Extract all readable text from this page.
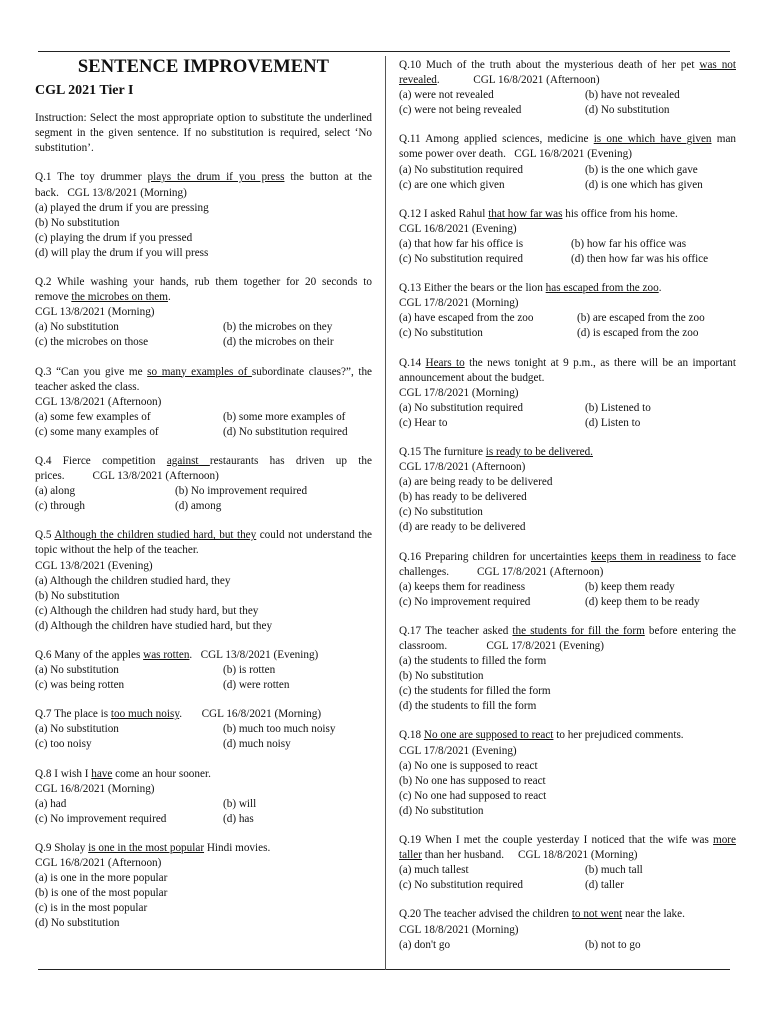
SENTENCE IMPROVEMENT
CGL 2021 Tier I
Instruction: Select the most appropriate option to substitute the underlined segment in the given sentence. If no substitution is required, select ‘No substitution’.
Q.1 The toy drummer plays the drum if you press the button at the back. CGL 13/8/2021 (Morning)
(a) played the drum if you are pressing
(b) No substitution
(c) playing the drum if you pressed
(d) will play the drum if you will press
Q.2 While washing your hands, rub them together for 20 seconds to remove the microbes on them.
CGL 13/8/2021 (Morning)
(a) No substitution	(b) the microbes on they
(c) the microbes on those	(d) the microbes on their
Q.3 “Can you give me so many examples of subordinate clauses?”, the teacher asked the class.
CGL 13/8/2021 (Afternoon)
(a) some few examples of	(b) some more examples of
(c) some many examples of	(d) No substitution required
Q.4 Fierce competition against restaurants has driven up the prices. CGL 13/8/2021 (Afternoon)
(a) along	(b) No improvement required
(c) through	(d) among
Q.5 Although the children studied hard, but they could not understand the topic without the help of the teacher.
CGL 13/8/2021 (Evening)
(a) Although the children studied hard, they
(b) No substitution
(c) Although the children had study hard, but they
(d) Although the children have studied hard, but they
Q.6 Many of the apples was rotten. CGL 13/8/2021 (Evening)
(a) No substitution	(b) is rotten
(c) was being rotten	(d) were rotten
Q.7 The place is too much noisy. CGL 16/8/2021 (Morning)
(a) No substitution	(b) much too much noisy
(c) too noisy	(d) much noisy
Q.8 I wish I have come an hour sooner.
CGL 16/8/2021 (Morning)
(a) had	(b) will
(c) No improvement required	(d) has
Q.9 Sholay is one in the most popular Hindi movies.
CGL 16/8/2021 (Afternoon)
(a) is one in the more popular
(b) is one of the most popular
(c) is in the most popular
(d) No substitution
Q.10 Much of the truth about the mysterious death of her pet was not revealed.	CGL 16/8/2021 (Afternoon)
(a) were not revealed	(b) have not revealed
(c) were not being revealed	(d) No substitution
Q.11 Among applied sciences, medicine is one which have given man some power over death. CGL 16/8/2021 (Evening)
(a) No substitution required	(b) is the one which gave
(c) are one which given	(d) is one which has given
Q.12 I asked Rahul that how far was his office from his home.
CGL 16/8/2021 (Evening)
(a) that how far his office is	(b) how far his office was
(c) No substitution required	(d) then how far was his office
Q.13 Either the bears or the lion has escaped from the zoo.
CGL 17/8/2021 (Morning)
(a) have escaped from the zoo	(b) are escaped from the zoo
(c) No substitution	(d) is escaped from the zoo
Q.14 Hears to the news tonight at 9 p.m., as there will be an important announcement about the budget.
CGL 17/8/2021 (Morning)
(a) No substitution required	(b) Listened to
(c) Hear to	(d) Listen to
Q.15 The furniture is ready to be delivered.
CGL 17/8/2021 (Afternoon)
(a) are being ready to be delivered
(b) has ready to be delivered
(c) No substitution
(d) are ready to be delivered
Q.16 Preparing children for uncertainties keeps them in readiness to face challenges. CGL 17/8/2021 (Afternoon)
(a) keeps them for readiness	(b) keep them ready
(c) No improvement required	(d) keep them to be ready
Q.17 The teacher asked the students for fill the form before entering the classroom.	CGL 17/8/2021 (Evening)
(a) the students to filled the form
(b) No substitution
(c) the students for filled the form
(d) the students to fill the form
Q.18 No one are supposed to react to her prejudiced comments.
CGL 17/8/2021 (Evening)
(a) No one is supposed to react
(b) No one has supposed to react
(c) No one had supposed to react
(d) No substitution
Q.19 When I met the couple yesterday I noticed that the wife was more taller than her husband. CGL 18/8/2021 (Morning)
(a) much tallest	(b) much tall
(c) No substitution required	(d) taller
Q.20 The teacher advised the children to not went near the lake.
CGL 18/8/2021 (Morning)
(a) don't go	(b) not to go
